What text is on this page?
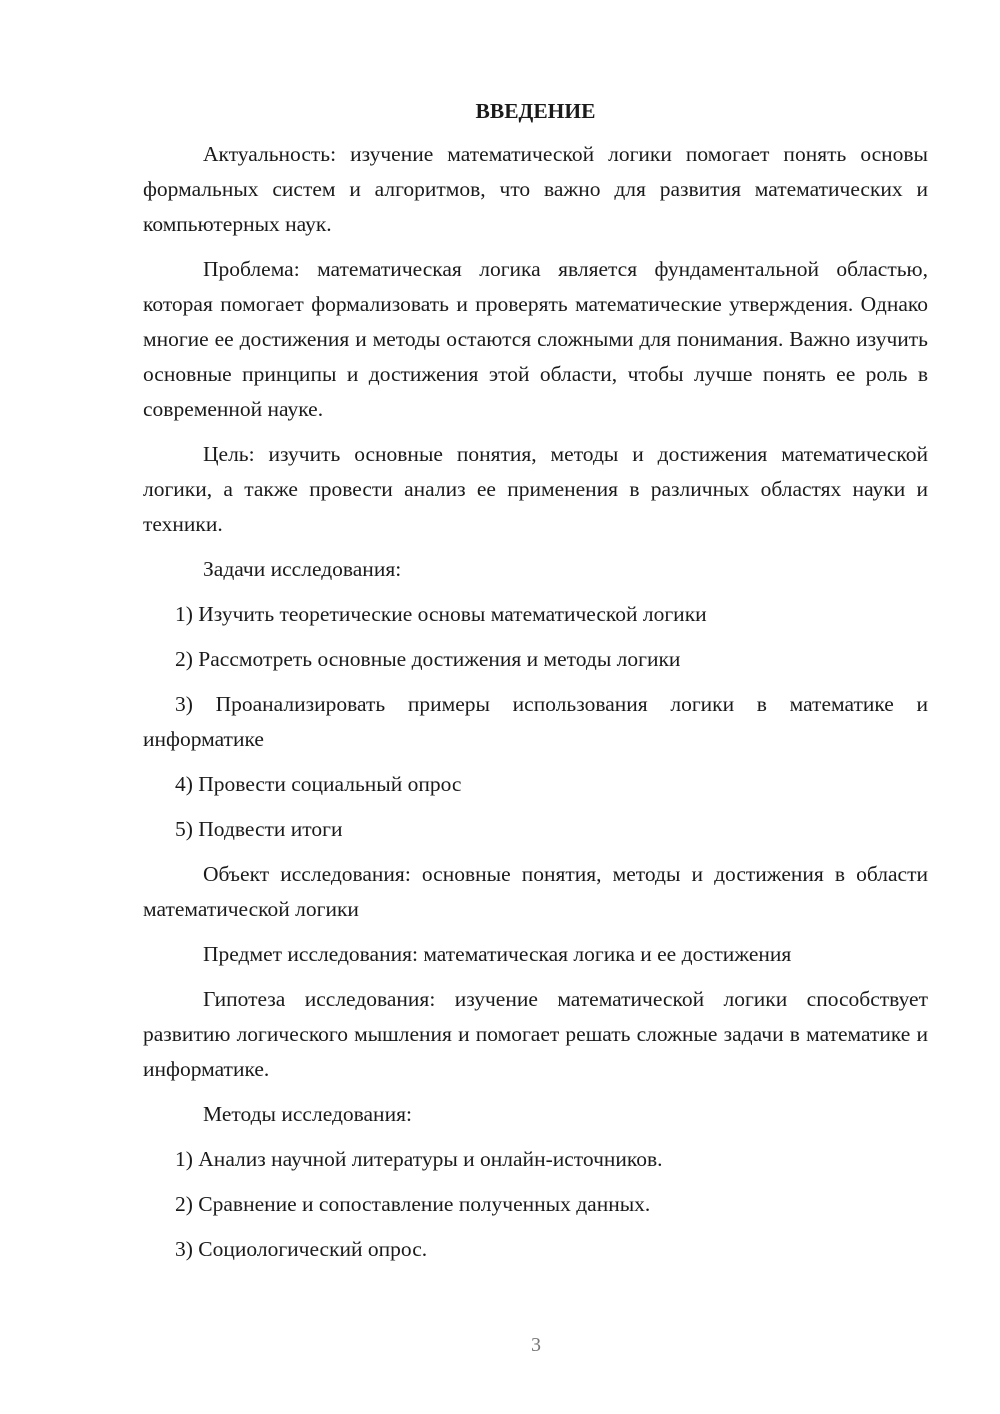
ВВЕДЕНИЕ

Актуальность: изучение математической логики помогает понять основы формальных систем и алгоритмов, что важно для развития математических и компьютерных наук.

Проблема: математическая логика является фундаментальной областью, которая помогает формализовать и проверять математические утверждения. Однако многие ее достижения и методы остаются сложными для понимания. Важно изучить основные принципы и достижения этой области, чтобы лучше понять ее роль в современной науке.

Цель: изучить основные понятия, методы и достижения математической логики, а также провести анализ ее применения в различных областях науки и техники.

Задачи исследования:

1) Изучить теоретические основы математической логики

2) Рассмотреть основные достижения и методы логики

3) Проанализировать примеры использования логики в математике и информатике

4) Провести социальный опрос

5) Подвести итоги

Объект исследования: основные понятия, методы и достижения в области математической логики

Предмет исследования: математическая логика и ее достижения

Гипотеза исследования: изучение математической логики способствует развитию логического мышления и помогает решать сложные задачи в математике и информатике.

Методы исследования:

1) Анализ научной литературы и онлайн-источников.

2) Сравнение и сопоставление полученных данных.

3) Социологический опрос.

3
